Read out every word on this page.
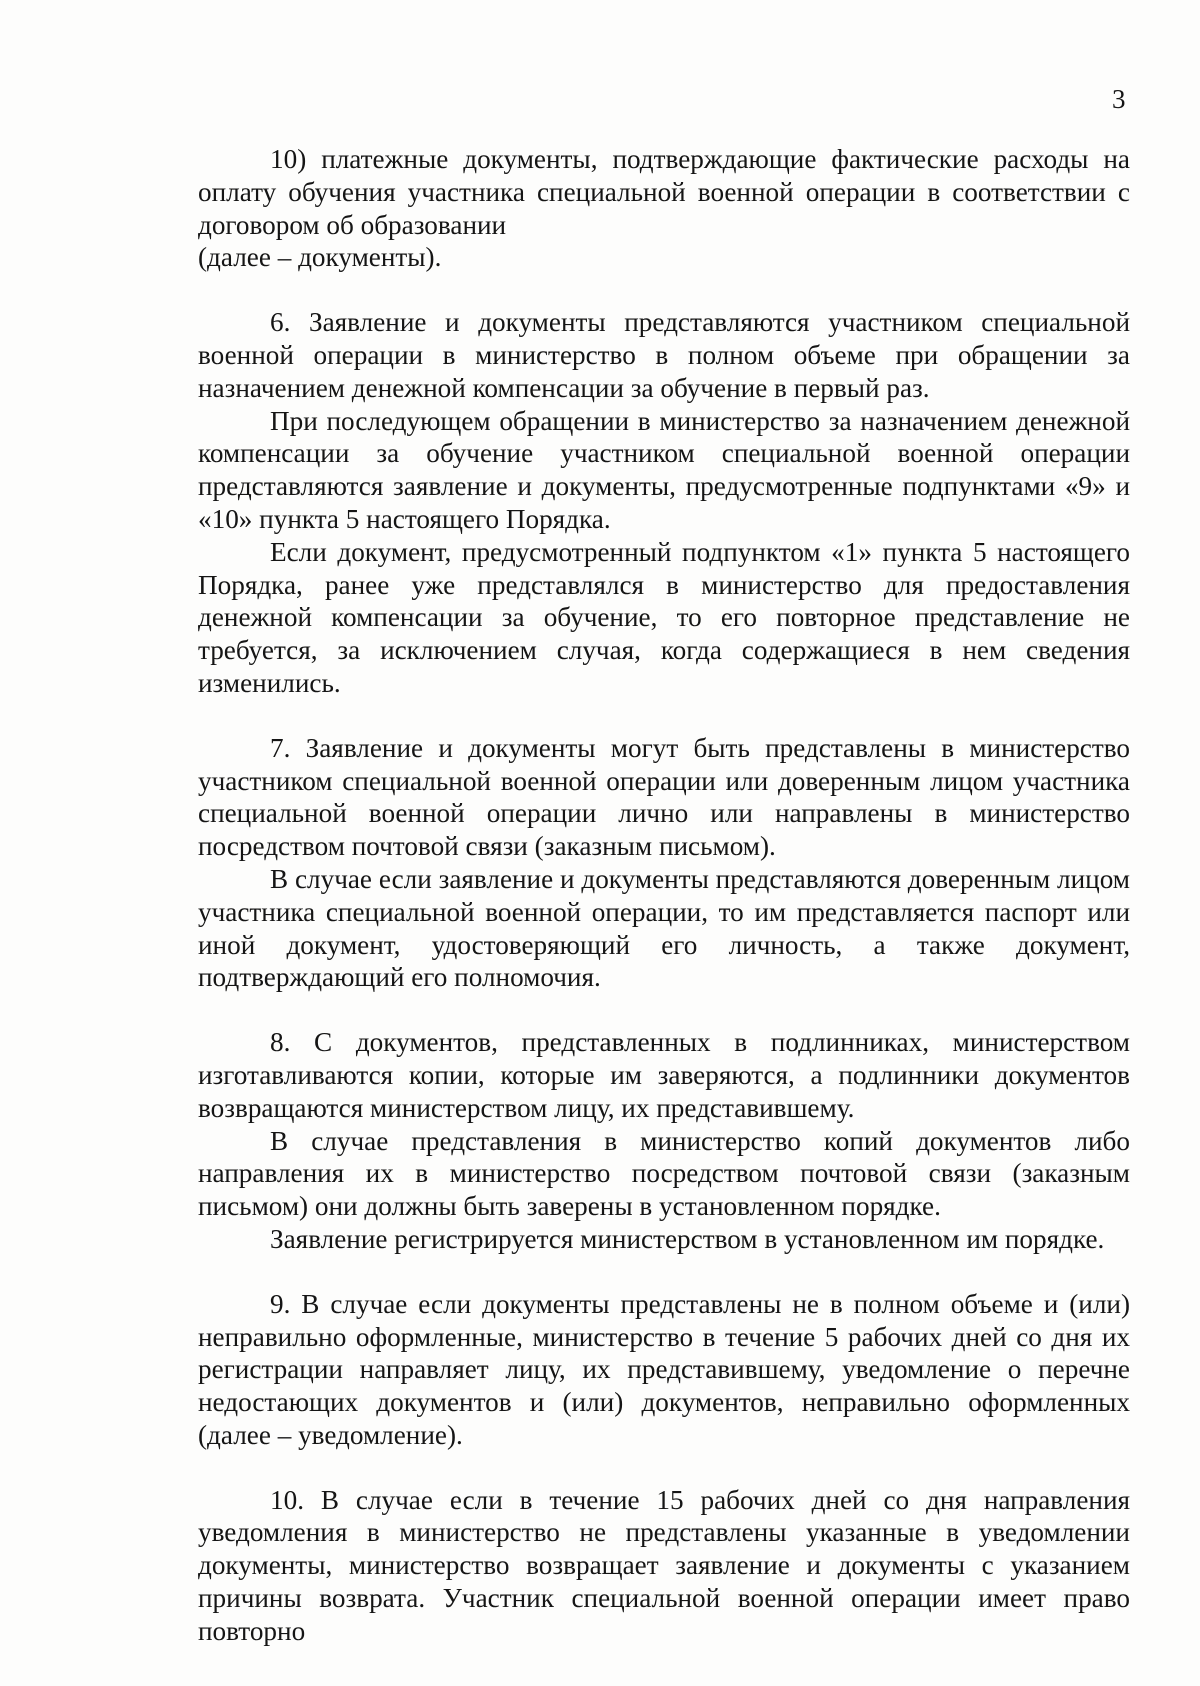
3

10) платежные документы, подтверждающие фактические расходы на оплату обучения участника специальной военной операции в соответствии с договором об образовании

(далее – документы).

6. Заявление и документы представляются участником специальной военной операции в министерство в полном объеме при обращении за назначением денежной компенсации за обучение в первый раз.

При последующем обращении в министерство за назначением денежной компенсации за обучение участником специальной военной операции представляются заявление и документы, предусмотренные подпунктами «9» и «10» пункта 5 настоящего Порядка.

Если документ, предусмотренный подпунктом «1» пункта 5 настоящего Порядка, ранее уже представлялся в министерство для предоставления денежной компенсации за обучение, то его повторное представление не требуется, за исключением случая, когда содержащиеся в нем сведения изменились.

7. Заявление и документы могут быть представлены в министерство участником специальной военной операции или доверенным лицом участника специальной военной операции лично или направлены в министерство посредством почтовой связи (заказным письмом).

В случае если заявление и документы представляются доверенным лицом участника специальной военной операции, то им представляется паспорт или иной документ, удостоверяющий его личность, а также документ, подтверждающий его полномочия.

8. С документов, представленных в подлинниках, министерством изготавливаются копии, которые им заверяются, а подлинники документов возвращаются министерством лицу, их представившему.

В случае представления в министерство копий документов либо направления их в министерство посредством почтовой связи (заказным письмом) они должны быть заверены в установленном порядке.

Заявление регистрируется министерством в установленном им порядке.

9. В случае если документы представлены не в полном объеме и (или) неправильно оформленные, министерство в течение 5 рабочих дней со дня их регистрации направляет лицу, их представившему, уведомление о перечне недостающих документов и (или) документов, неправильно оформленных (далее – уведомление).

10. В случае если в течение 15 рабочих дней со дня направления уведомления в министерство не представлены указанные в уведомлении документы, министерство возвращает заявление и документы с указанием причины возврата. Участник специальной военной операции имеет право повторно
